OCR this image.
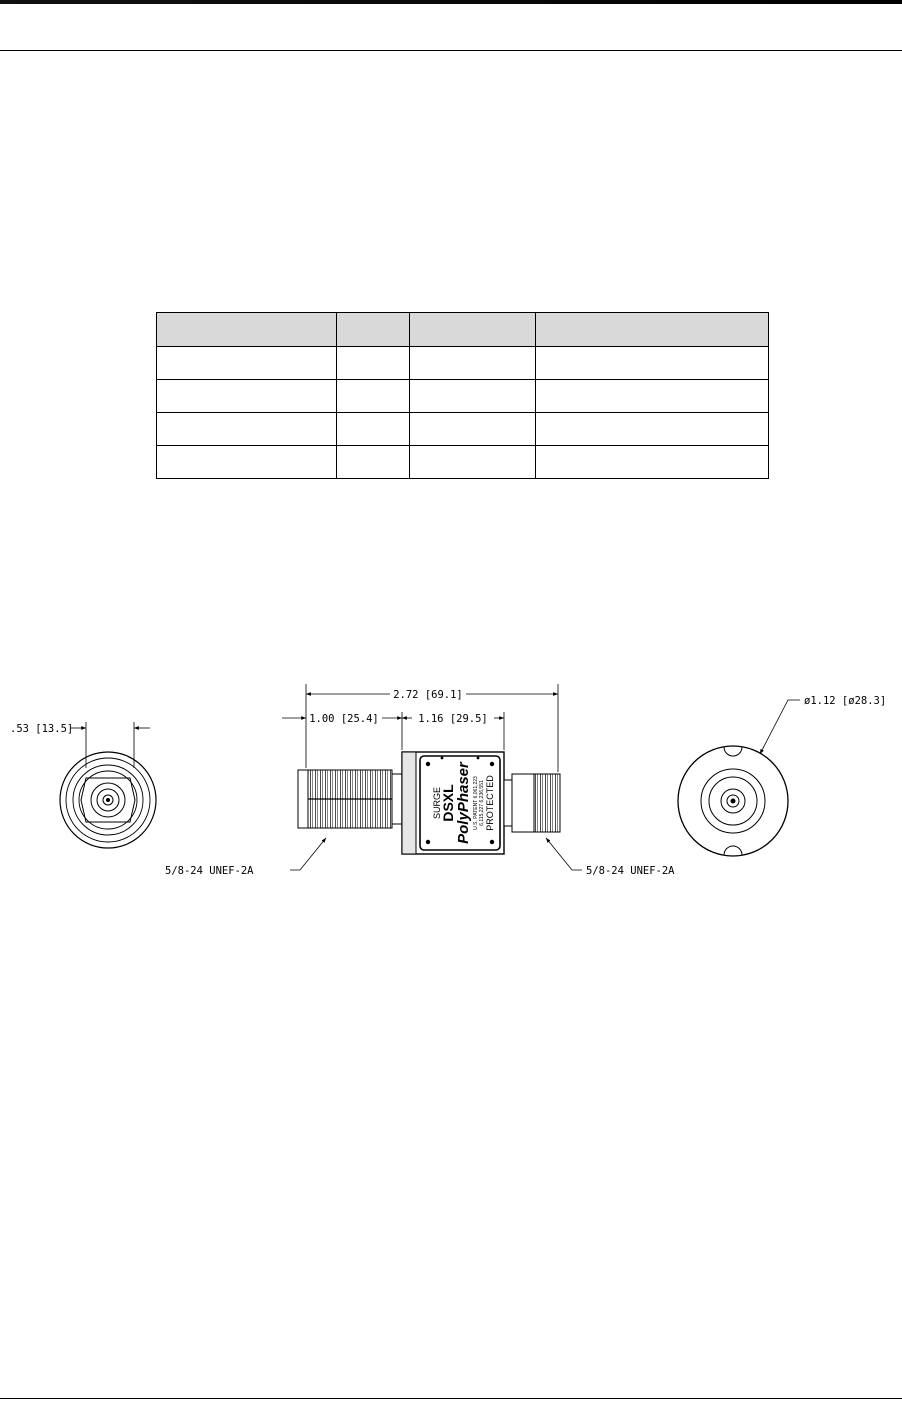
.53 [13.5]
SURGE
DSXL PolyPhaser U.S. PATENT 6,061,223 6,115,227 6,236,551 PROTECTED
2.72 [69.1]
1.00 [25.4]	1.16 [29.5]
5/8-24 UNEF-2A	5/8-24 UNEF-2A
ø1.12 [ø28.3]
